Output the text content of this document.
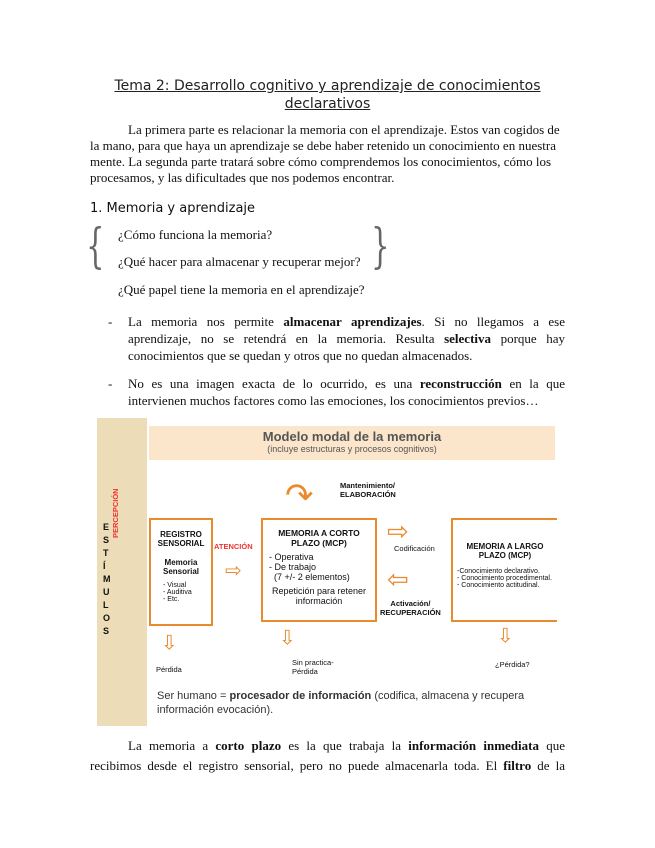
Tema 2: Desarrollo cognitivo y aprendizaje de conocimientos
declarativos
La primera parte es relacionar la memoria con el aprendizaje. Estos van cogidos de
la mano, para que haya un aprendizaje se debe haber retenido un conocimiento en nuestra
mente. La segunda parte tratará sobre cómo comprendemos los conocimientos, cómo los
procesamos, y las dificultades que nos podemos encontrar.
1. Memoria y aprendizaje
{	}
¿Cómo funciona la memoria?
¿Qué hacer para almacenar y recuperar mejor?
¿Qué papel tiene la memoria en el aprendizaje?
- La memoria nos permite almacenar aprendizajes. Si no llegamos a ese
aprendizaje, no se retendrá en la memoria. Resulta selectiva porque hay
conocimientos que se quedan y otros que no quedan almacenados.
- No es una imagen exacta de lo ocurrido, es una reconstrucción en la que
intervienen muchos factores como las emociones, los conocimientos previos…
E S T Í M U L O S
PERCEPCIÓN
Modelo modal de la memoria
(incluye estructuras y procesos cognitivos)
REGISTRO SENSORIAL
Memoria Sensorial
- Visual
- Auditiva
- Etc.
ATENCIÓN
⇨
MEMORIA A CORTO PLAZO (MCP)
- Operativa
- De trabajo
(7 +/- 2 elementos)
Repetición para retener información
↷	Mantenimiento/
ELABORACIÓN
⇨
Codificación
⇦
Activación/
RECUPERACIÓN
MEMORIA A LARGO PLAZO (MCP)
-Conocimiento declarativo.
- Conocimiento procedimental.
- Conocimiento actitudinal.
⇨	⇨	⇨
Pérdida
Sin practica-
Pérdida
¿Pérdida?
Ser humano = procesador de información (codifica, almacena y recupera información evocación).
La memoria a corto plazo es la que trabaja la información inmediata que
recibimos desde el registro sensorial, pero no puede almacenarla toda. El filtro de la
